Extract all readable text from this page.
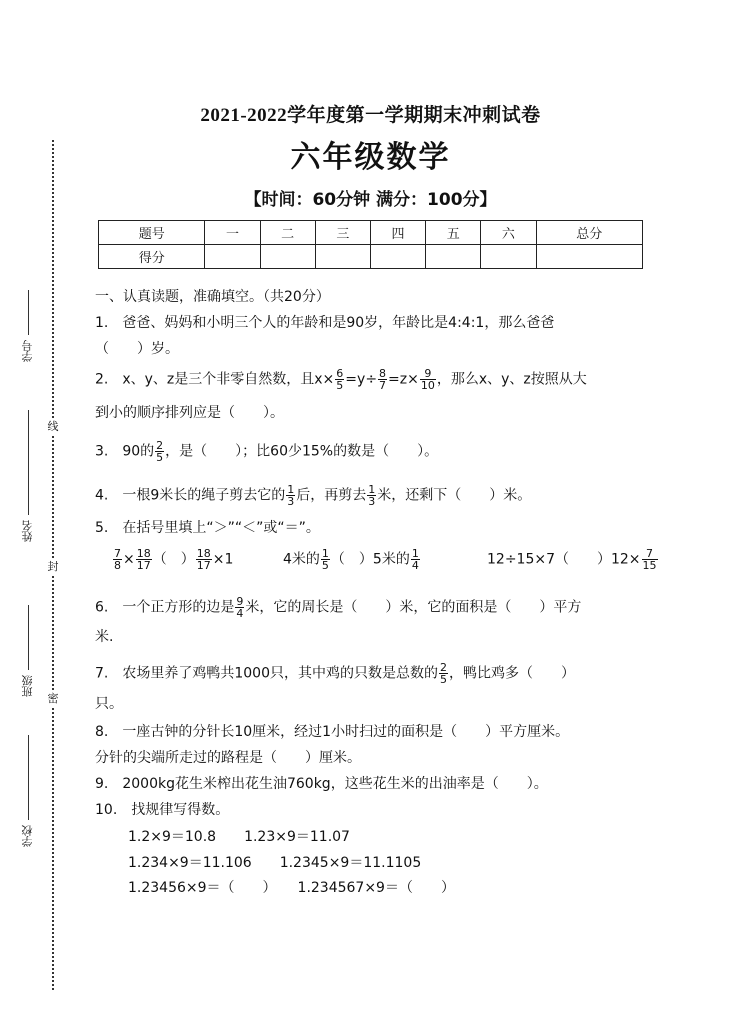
线
封
密
学号
姓名
班级
学校
2021-2022学年度第一学期期末冲刺试卷
六年级数学
【时间：60分钟 满分：100分】
题号	一	二	三	四	五	六	总分
得分							
一、认真读题，准确填空。（共20分）
1.　爸爸、妈妈和小明三个人的年龄和是90岁，年龄比是4:4:1，那么爸爸
（　　）岁。
2.　x、y、z是三个非零自然数，且$x\times \frac{6}{5} =y\div \frac{8}{7} =z\times \frac{9}{10}$ ，那么x、y、z按照从大
到小的顺序排列应是（　　）。
3.　90的 $\frac{2}{5}$ ，是（　　）；比60少15%的数是（　　）。
4.　一根9米长的绳子剪去它的 $\frac{1}{3}$ 后，再剪去 $\frac{1}{3}$ 米，还剩下（　　）米。
5.　在括号里填上“＞”“＜”或“＝”。
$\frac{7}{8} \times \frac{18}{17}$ （　） $\frac{18}{17} \times 1$	4米的 $\frac{1}{5}$ （　）5米的 $\frac{1}{4}$	12÷15×7（　　）$12\times \frac{7}{15}$
6.　一个正方形的边是 $\frac{9}{4}$ 米，它的周长是（　　）米，它的面积是（　　）平方
米.
7.　农场里养了鸡鸭共1000只，其中鸡的只数是总数的 $\frac{2}{5}$ ，鸭比鸡多（　　）
只。
8.　一座古钟的分针长10厘米，经过1小时扫过的面积是（　　）平方厘米。
分针的尖端所走过的路程是（　　）厘米。
9.　2000kg花生米榨出花生油760kg，这些花生米的出油率是（　　）。
10.　找规律写得数。
1.2×9＝10.8　　1.23×9＝11.07
1.234×9＝11.106　　1.2345×9＝11.1105
1.23456×9＝（　　）　　1.234567×9＝（　　）
